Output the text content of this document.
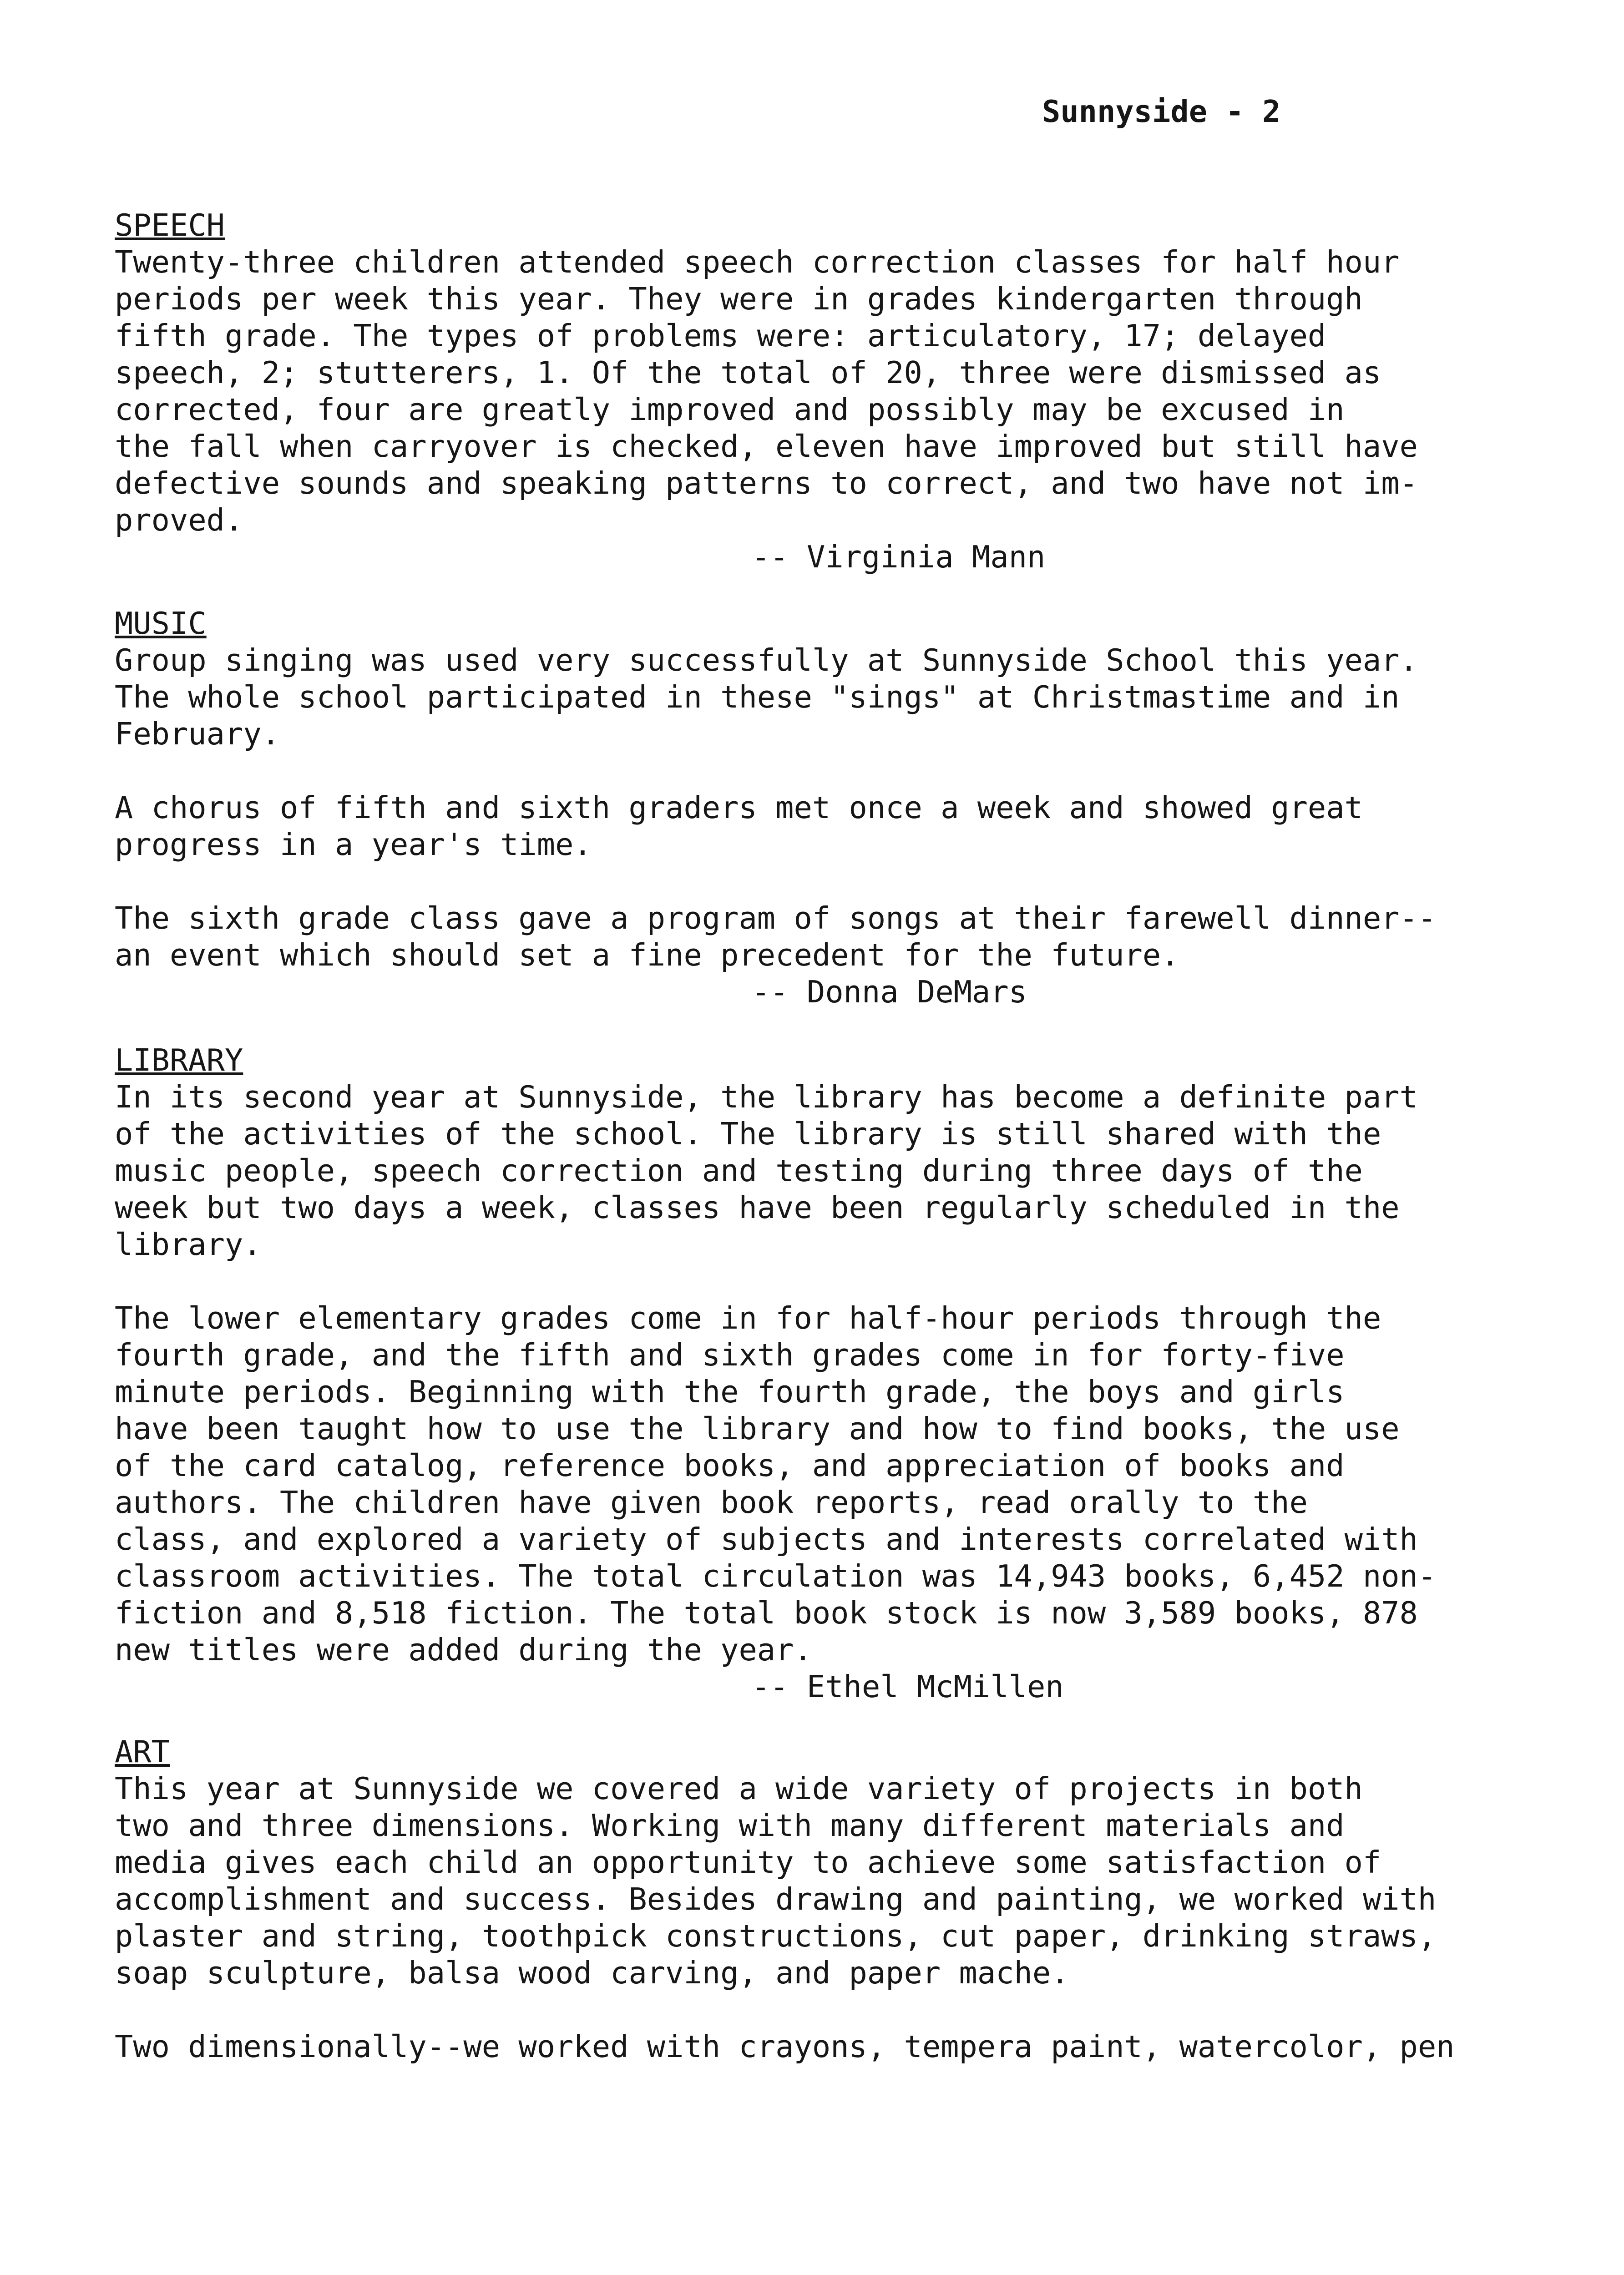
Sunnyside - 2
SPEECH
Twenty-three children attended speech correction classes for half hour
periods per week this year. They were in grades kindergarten through
fifth grade. The types of problems were: articulatory, 17; delayed
speech, 2; stutterers, 1. Of the total of 20, three were dismissed as
corrected, four are greatly improved and possibly may be excused in
the fall when carryover is checked, eleven have improved but still have
defective sounds and speaking patterns to correct, and two have not im-
proved.
-- Virginia Mann
MUSIC
Group singing was used very successfully at Sunnyside School this year.
The whole school participated in these "sings" at Christmastime and in
February.
A chorus of fifth and sixth graders met once a week and showed great
progress in a year's time.
The sixth grade class gave a program of songs at their farewell dinner--
an event which should set a fine precedent for the future.
-- Donna DeMars
LIBRARY
In its second year at Sunnyside, the library has become a definite part
of the activities of the school. The library is still shared with the
music people, speech correction and testing during three days of the
week but two days a week, classes have been regularly scheduled in the
library.
The lower elementary grades come in for half-hour periods through the
fourth grade, and the fifth and sixth grades come in for forty-five
minute periods. Beginning with the fourth grade, the boys and girls
have been taught how to use the library and how to find books, the use
of the card catalog, reference books, and appreciation of books and
authors. The children have given book reports, read orally to the
class, and explored a variety of subjects and interests correlated with
classroom activities. The total circulation was 14,943 books, 6,452 non-
fiction and 8,518 fiction. The total book stock is now 3,589 books, 878
new titles were added during the year.
-- Ethel McMillen
ART
This year at Sunnyside we covered a wide variety of projects in both
two and three dimensions. Working with many different materials and
media gives each child an opportunity to achieve some satisfaction of
accomplishment and success. Besides drawing and painting, we worked with
plaster and string, toothpick constructions, cut paper, drinking straws,
soap sculpture, balsa wood carving, and paper mache.
Two dimensionally--we worked with crayons, tempera paint, watercolor, pen
